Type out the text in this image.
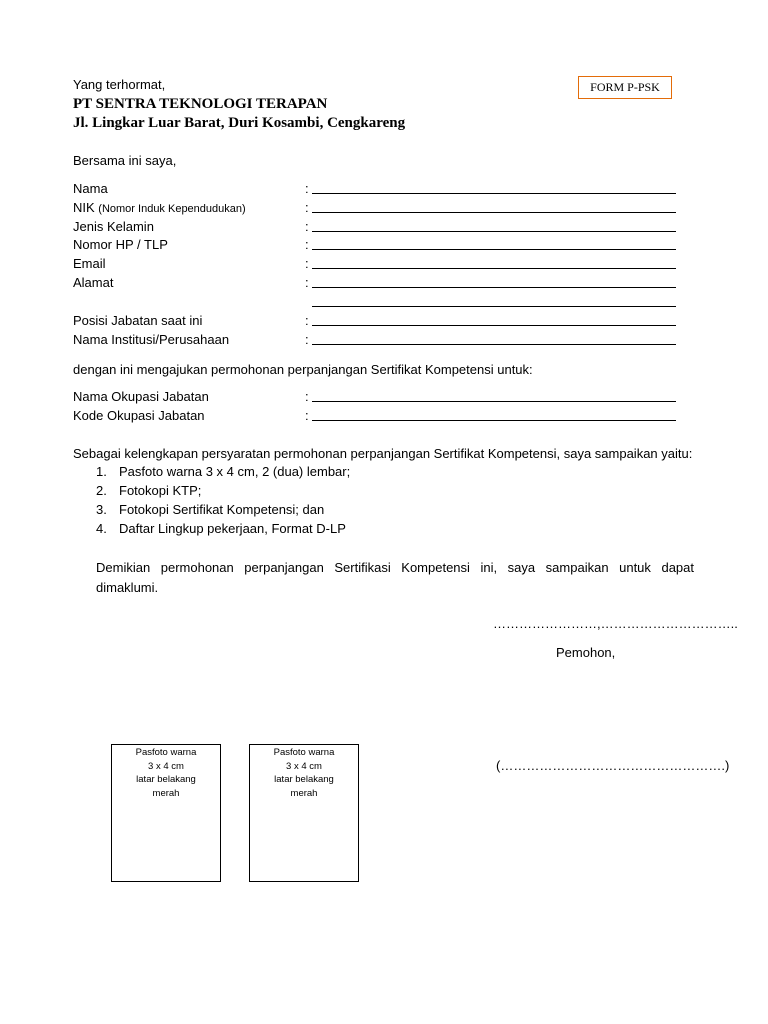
Yang terhormat,
PT SENTRA TEKNOLOGI TERAPAN
Jl. Lingkar Luar Barat, Duri Kosambi, Cengkareng
FORM P-PSK
Bersama ini saya,
Nama	:
NIK (Nomor Induk Kependudukan)	:
Jenis Kelamin	:
Nomor HP / TLP	:
Email	:
Alamat	:
Posisi Jabatan saat ini	:
Nama Institusi/Perusahaan	:
dengan ini mengajukan permohonan perpanjangan Sertifikat Kompetensi untuk:
Nama Okupasi Jabatan	:
Kode Okupasi Jabatan	:
Sebagai kelengkapan persyaratan permohonan perpanjangan Sertifikat Kompetensi, saya sampaikan yaitu:
1. Pasfoto warna 3 x 4 cm, 2 (dua) lembar;
2. Fotokopi KTP;
3. Fotokopi Sertifikat Kompetensi; dan
4. Daftar Lingkup pekerjaan, Format D-LP
Demikian permohonan perpanjangan Sertifikasi Kompetensi ini, saya sampaikan untuk dapat dimaklumi.
……………………,…………………………..
Pemohon,
(…………………………………………….)
Pasfoto warna
3 x 4 cm
latar belakang
merah
Pasfoto warna
3 x 4 cm
latar belakang
merah
